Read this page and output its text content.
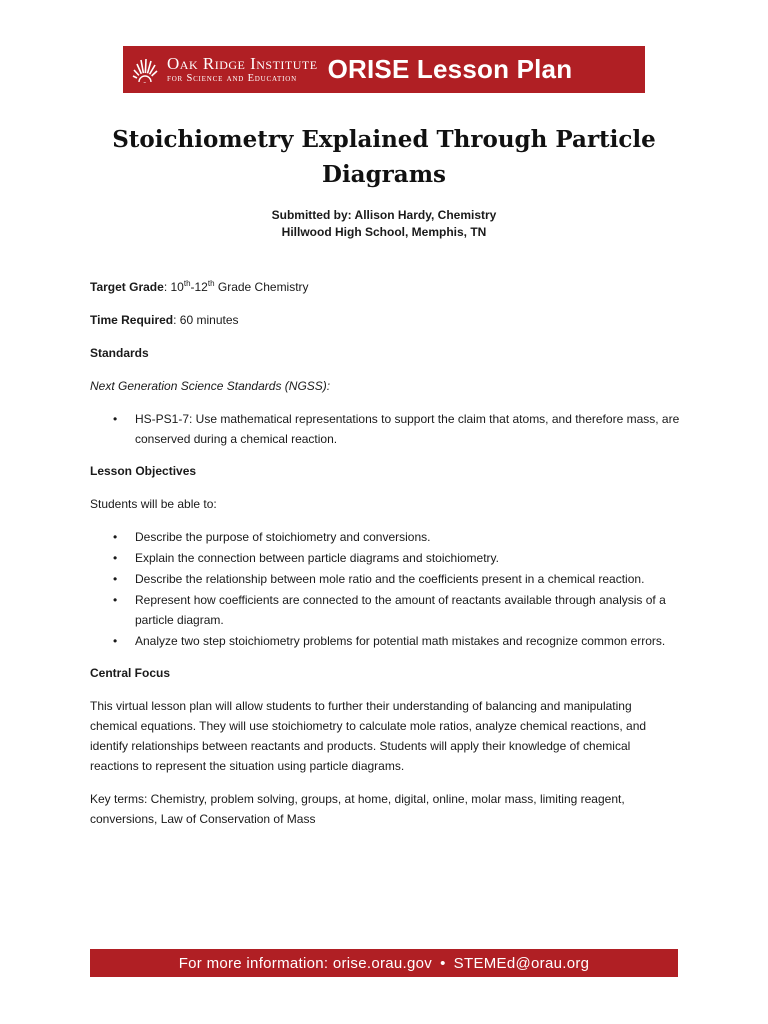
Oak Ridge Institute
for Science and Education	ORISE Lesson Plan
Stoichiometry Explained Through Particle Diagrams
Submitted by: Allison Hardy, Chemistry
Hillwood High School, Memphis, TN

Target Grade: 10th-12th Grade Chemistry

Time Required: 60 minutes

Standards

Next Generation Science Standards (NGSS):

• HS-PS1-7: Use mathematical representations to support the claim that atoms, and therefore mass, are conserved during a chemical reaction.

Lesson Objectives

Students will be able to:

• Describe the purpose of stoichiometry and conversions.
• Explain the connection between particle diagrams and stoichiometry.
• Describe the relationship between mole ratio and the coefficients present in a chemical reaction.
• Represent how coefficients are connected to the amount of reactants available through analysis of a particle diagram.
• Analyze two step stoichiometry problems for potential math mistakes and recognize common errors.

Central Focus

This virtual lesson plan will allow students to further their understanding of balancing and manipulating chemical equations. They will use stoichiometry to calculate mole ratios, analyze chemical reactions, and identify relationships between reactants and products. Students will apply their knowledge of chemical reactions to represent the situation using particle diagrams.

Key terms: Chemistry, problem solving, groups, at home, digital, online, molar mass, limiting reagent, conversions, Law of Conservation of Mass

For more information: orise.orau.gov • STEMEd@orau.org
